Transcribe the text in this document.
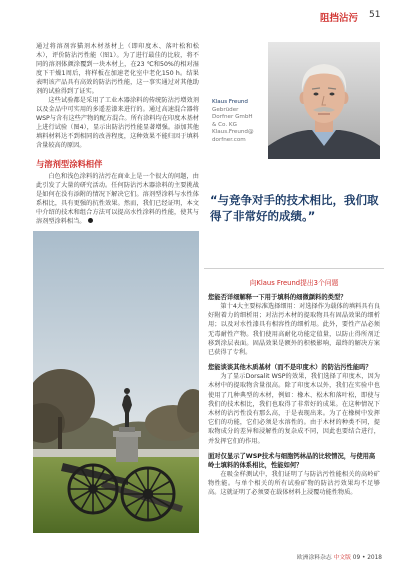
阻挡沾污 51

通过将溶剂容猫剂木材基材上（即印度木、落叶松和松木），评价防沾污性能（图1）。为了进行最佳的比较，将不同的溶剂体颜涂覆到一块木材上，在23 ℃和50%的相对湿度下干燥1周后，将样板在加速老化室中老化150 h。结果表明该产品具有高效的防沾污性能，这一事实通过对其他助剂的试验得到了证实。

这些试验都是采用了工业木器涂料的传统防沾污增效剂以及金品中可实用的多遥差漆来进行的。通过高速混合器将WSP与含有这些产物的配方混合。所有涂料均在印度木基材上进行试验（图4），显示出防沾污性能显著增强。添加其他填料材料达不到相同的改善程度，这种效果不能归因于填料含量较高的原因。

与溶剂型涂料相伴

白色和浅色涂料的沾污在商业上是一个很大的问题，由此引发了大量的研究活动。任何防沾污木器涂料的主要挑战是如何在没有添附的情况下解决它们。溶剂型涂料与水性体系相比，具有更强的抗性效果。然而，我们已经证明，本文中介绍的技术和组合方法可以提高水性涂料的性能，使其与溶剂型涂料相当。

Klaus Freund
Gebrüder
Dorfner GmbH
& Co. KG
Klaus.Freund@
dorfner.com
“与竞争对手的技术相比，我们取得了非常好的成绩。”
向Klaus Freund提出3个问题
您能否详细解释一下用于填料的细微颜料的类型？
第十4大主要标准选择细用：对选择作为载体的填料具有良好附着力的细析用；对沾污木材的提取物具有固晶效果的细析用；以及对水性漆具有相容性的细析用。此外，要性产品必须无毒耐性产物。我们使用高耐化功能定值量，以防止得所剂迁移到涂层表面。固晶效果是额外的积极影响，最终的解决方案已获得了专利。
您能谈谈其他木质基材（而不是印度木）的防沾污性能吗？
为了显示Dorsalit WSP的效果，我们选择了印度木，因为木材中的提取物含量很高。除了印度木以外，我们在实验中也使用了几种典型的木材，例如：橡木、松木和落叶松，即使与我们的技术相比，我们也取得了非常好的成果。在这种情况下木材的沾污性没有那么高，于是表现出来。为了在橡树中发挥它们的功能，它们必须是水溶性的。由于木材的种类不同，提取物成分的差异和浸解性的复杂成不同，因此也要结合进行，并发挥它们的作用。
面对仅显示了WSP技术与细胞钙林品的比较情况，与使用高岭土填料的体系相比，性能如何？
在吸金样测试中，我们证明了与防沾污性能相关的高岭矿物性能。与单个相关的所有试验矿物的防沾污效果均不足够高。这就证明了必须要在载体材料上浸覆功能性物质。
欧洲涂料杂志 中文版 09 • 2018
